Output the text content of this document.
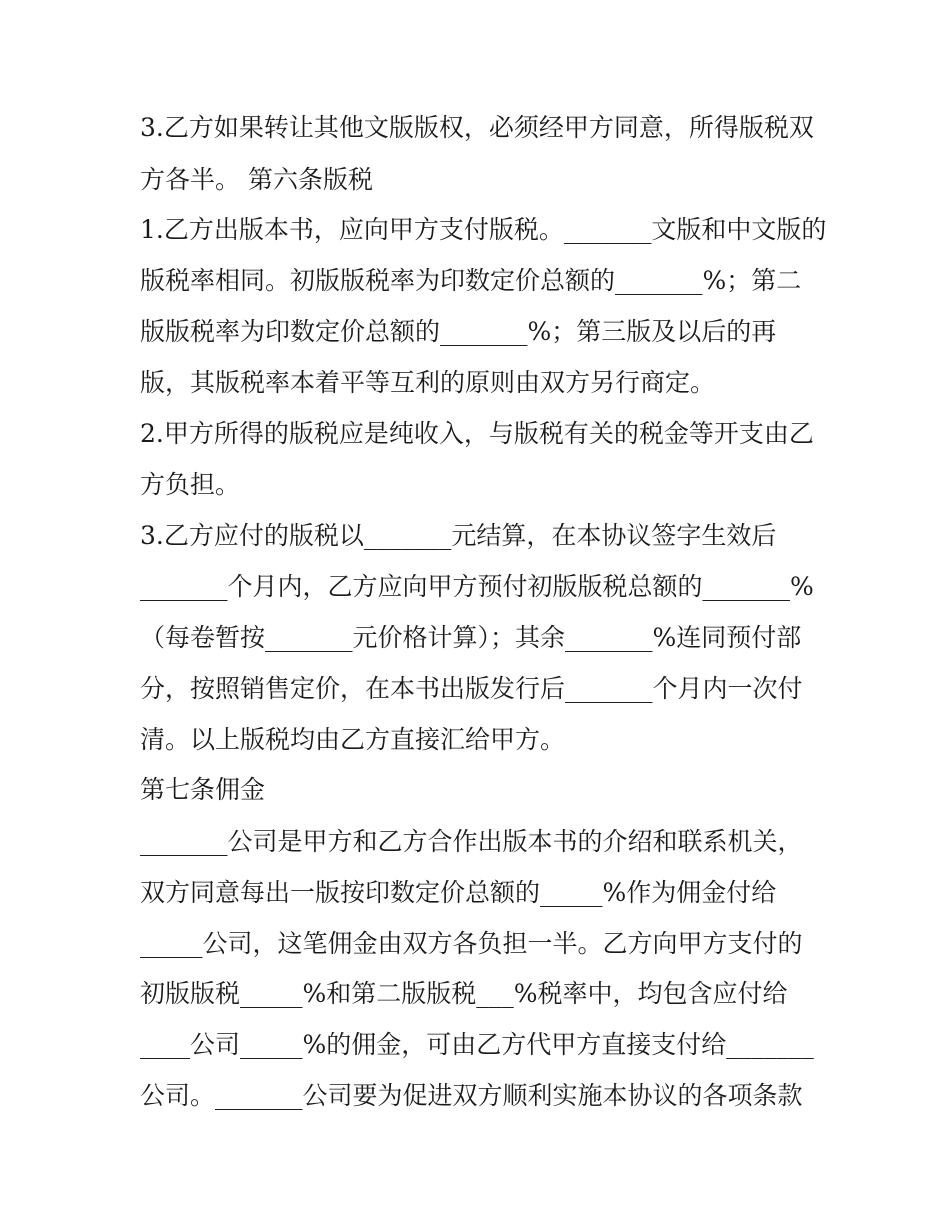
3.乙方如果转让其他文版版权，必须经甲方同意，所得版税双
方各半。 第六条版税
1.乙方出版本书，应向甲方支付版税。_______文版和中文版的
版税率相同。初版版税率为印数定价总额的_______%；第二
版版税率为印数定价总额的_______%；第三版及以后的再
版，其版税率本着平等互利的原则由双方另行商定。
2.甲方所得的版税应是纯收入，与版税有关的税金等开支由乙
方负担。
3.乙方应付的版税以_______元结算，在本协议签字生效后
_______个月内，乙方应向甲方预付初版版税总额的_______%
（每卷暂按_______元价格计算）；其余_______%连同预付部
分，按照销售定价，在本书出版发行后_______个月内一次付
清。以上版税均由乙方直接汇给甲方。
第七条佣金
_______公司是甲方和乙方合作出版本书的介绍和联系机关，
双方同意每出一版按印数定价总额的_____%作为佣金付给
_____公司，这笔佣金由双方各负担一半。乙方向甲方支付的
初版版税_____%和第二版版税___%税率中，均包含应付给
____公司_____%的佣金，可由乙方代甲方直接支付给_______
公司。_______公司要为促进双方顺利实施本协议的各项条款
